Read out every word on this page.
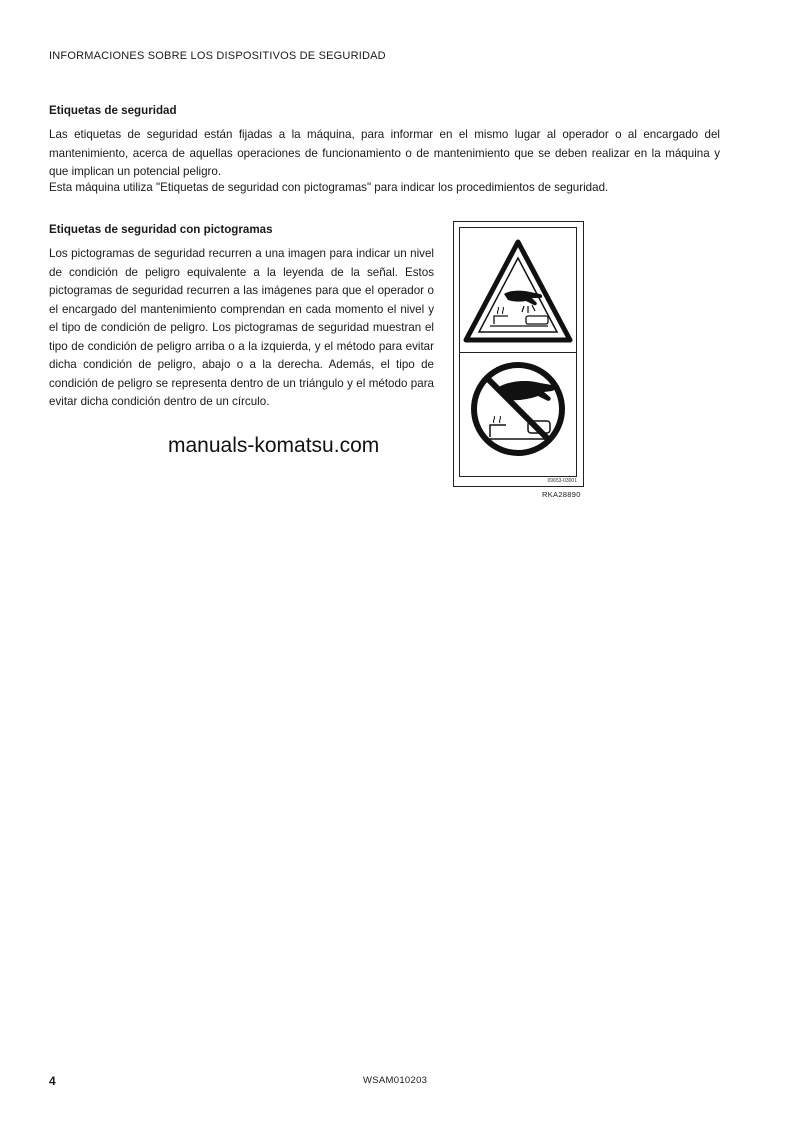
INFORMACIONES SOBRE LOS DISPOSITIVOS DE SEGURIDAD
Etiquetas de seguridad
Las etiquetas de seguridad están fijadas a la máquina, para informar en el mismo lugar al operador o al encargado del mantenimiento, acerca de aquellas operaciones de funcionamiento o de mantenimiento que se deben realizar en la máquina y que implican un potencial peligro.
Esta máquina utiliza "Etiquetas de seguridad con pictogramas" para indicar los procedimientos de seguridad.
Etiquetas de seguridad con pictogramas
Los pictogramas de seguridad recurren a una imagen para indicar un nivel de condición de peligro equivalente a la leyenda de la señal. Estos pictogramas de seguridad recurren a las imágenes para que el operador o el encargado del mantenimiento comprendan en cada momento el nivel y el tipo de condición de peligro. Los pictogramas de seguridad muestran el tipo de condición de peligro arriba o a la izquierda, y el método para evitar dicha condición de peligro, abajo o a la derecha. Además, el tipo de condición de peligro se representa dentro de un triángulo y el método para evitar dicha condición dentro de un círculo.
manuals-komatsu.com
09653-03001
RKA28890
4	WSAM010203
